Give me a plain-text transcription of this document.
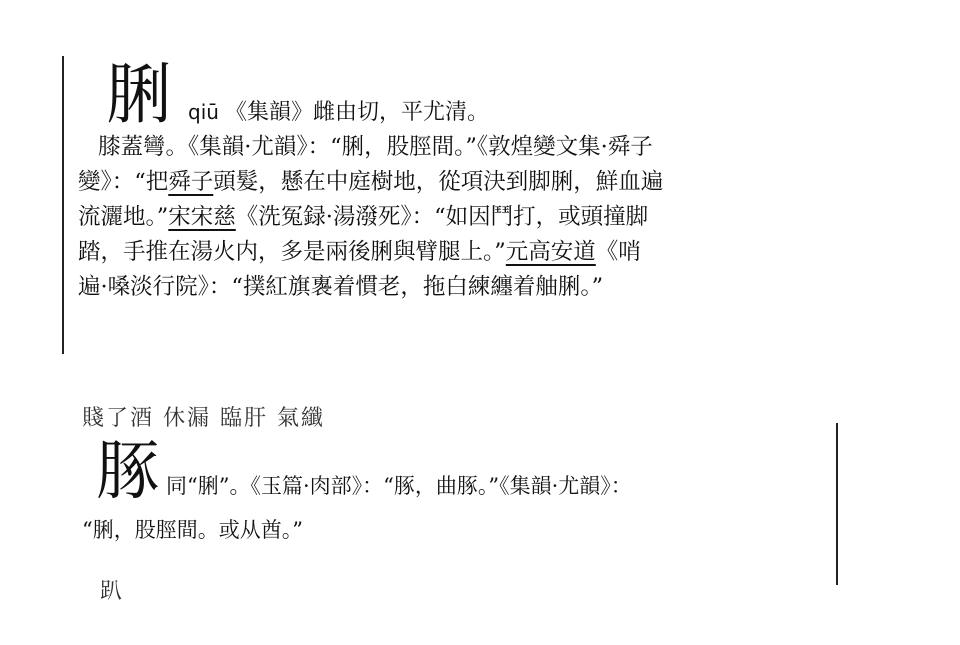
脷 qiū 《集韻》雌由切，平尤清。
膝蓋彎。《集韻·尤韻》：“脷，股脛間。”《敦煌變文集·舜子
變》：“把舜子頭髮，懸在中庭樹地，從項決到脚脷，鮮血遍
流灑地。”宋宋慈《洗冤録·湯潑死》：“如因鬥打，或頭撞脚
踏，手推在湯火内，多是兩後脷與臂腿上。”元高安道《哨
遍·嗓淡行院》：“撲紅旗褢着慣老，拖白練纏着舳脷。”
賤了酒 休漏 臨肝 氣纖
䐁 同“脷”。《玉篇·肉部》：“䐁，曲䐁。”《集韻·尤韻》：
“脷，股脛間。或从酋。”
趴
